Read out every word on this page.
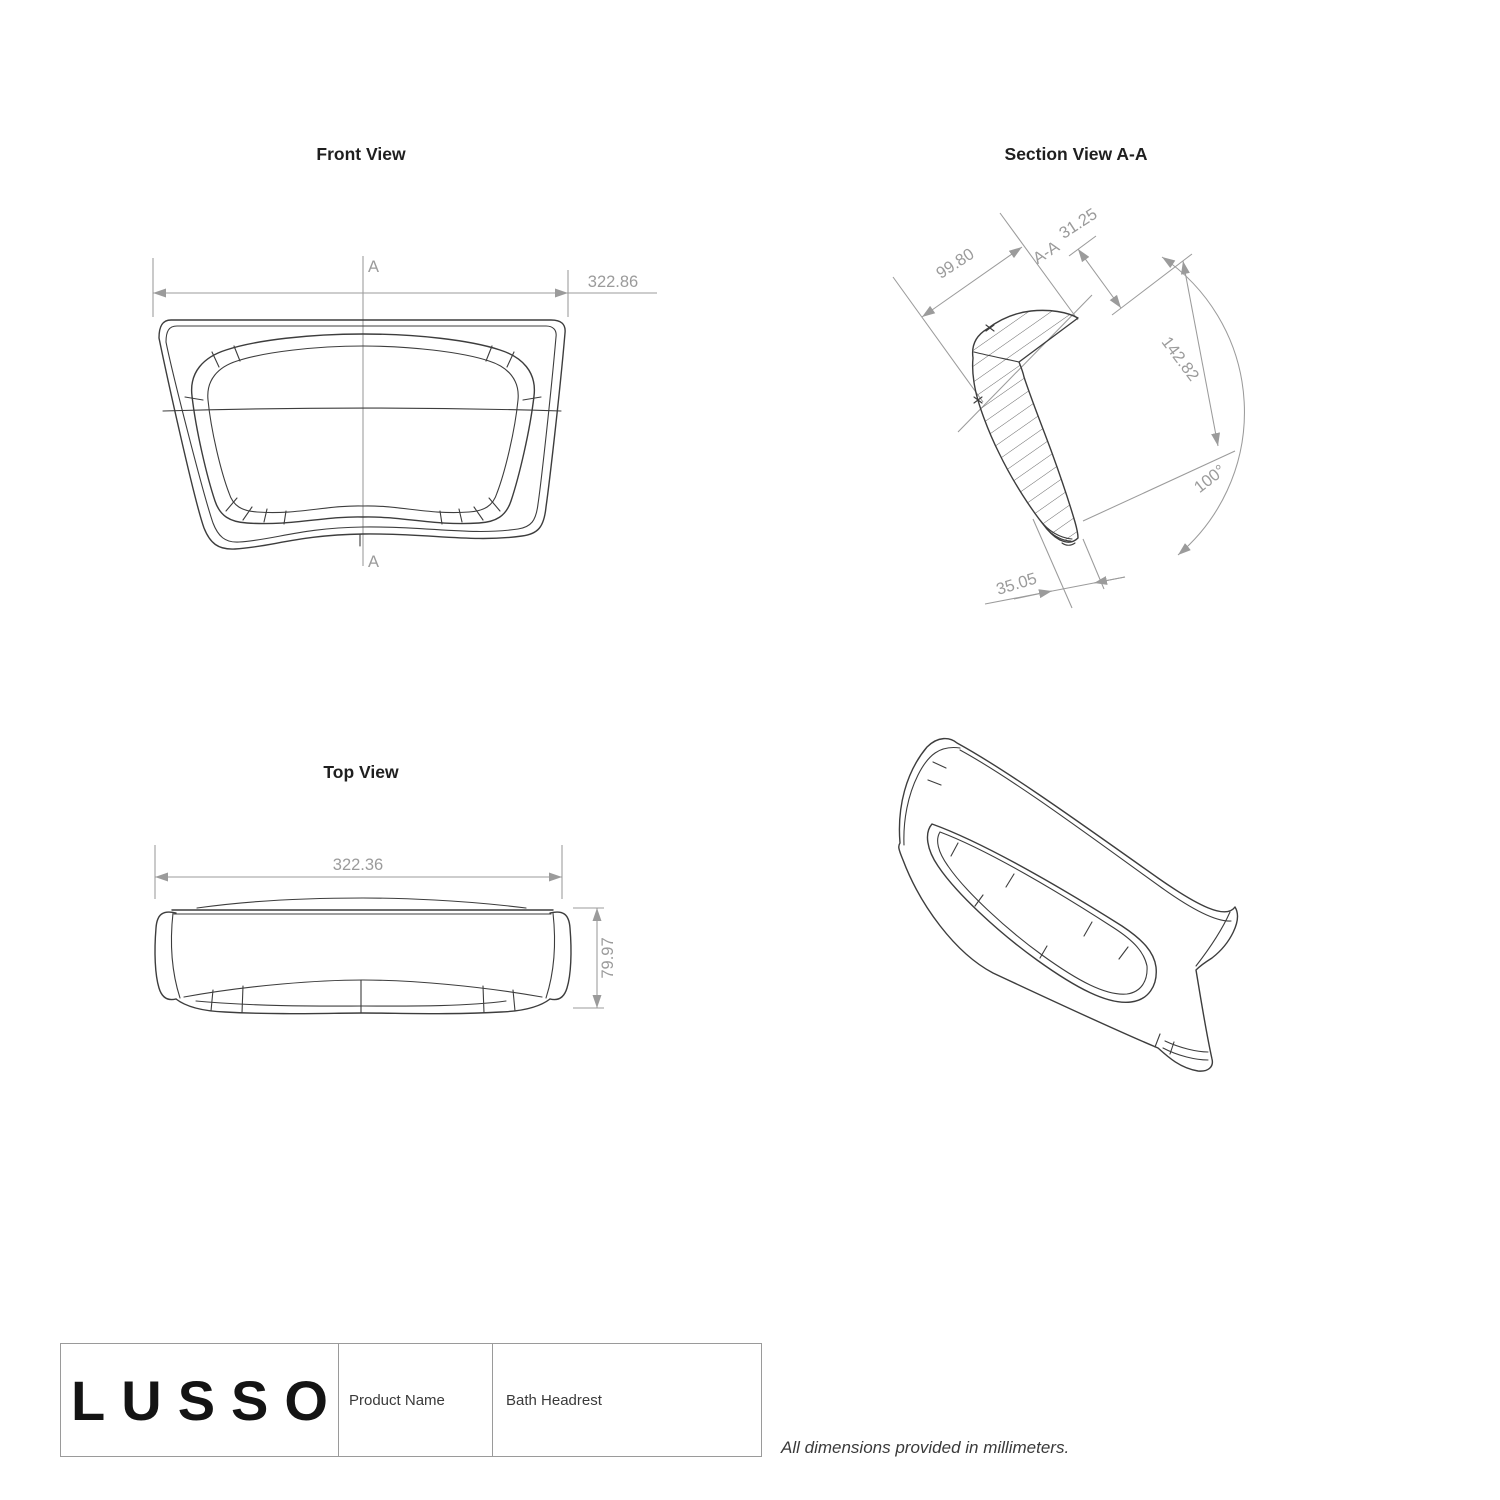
Front View
A
A
322.86
Section View A-A
99.80	A-A
31.25
142.82
100°
35.05
Top View
322.36
79.97
LUSSO Product Name	Bath Headrest
All dimensions provided in millimeters.
